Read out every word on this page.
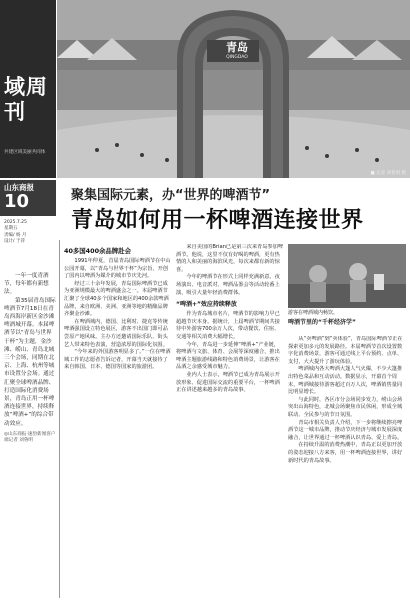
域周刊
共建区域美丽共同体
青岛
QINGDAO
■ 记者 刘鲁明 摄
山东商报
10
2025.7.25
星期五
责编/ 杨 月
设计/ 于萍
聚集国际元素，办“世界的啤酒节”
青岛如何用一杯啤酒连接世界

一年一度青酒节，每年都有新想法。

第35届青岛国际啤酒节7月18日在青岛西海岸新区金沙滩啤酒城开幕。本届啤酒节以“青岛与世界干杯”为主题，金沙滩、崂山、青岛北城三个会场，同期在北京、上海、杭州等城市设置分会场。通过汇聚全球啤酒品牌、打造国际化消费场景，青岛正用一杯啤酒连接世界，持续释放“啤酒+”的综合带动效应。

◎山东商报·速豹新闻客户端记者 刘鲁明
40多国400余品牌赴会

1991年仲夏，首届青岛国际啤酒节在中山公园开幕，以“青岛与世界干杯”为宗旨，开创了国内以啤酒为媒介的城市节庆先河。

经过三十余年发展，青岛国际啤酒节已成为亚洲规模最大的啤酒盛会之一。本届啤酒节汇聚了全球40多个国家和地区的400余款啤酒品牌，来自欧洲、美洲、亚洲等地的精酿品牌齐聚金沙滩。

在啤酒城内，德国、比利时、捷克等传统啤酒强国设立特色展区，游客不出国门即可品尝原产地风味。主办方还邀请国际乐队、街头艺人带来特色表演，营造浓厚的国际化氛围。

“今年来的外国游客明显多了。”一位在啤酒城工作的志愿者告诉记者，开幕当天就接待了来自韩国、日本、德国等国家的旅游团。

来自美国的Brian已是第三次来青岛参加啤酒节。他说，这里不仅有好喝的啤酒，更有热情的人和美丽的海滨风光，每次来都有新的惊喜。

今年的啤酒节在形式上同样充满新意。夜场演出、电音派对、啤酒品鉴会等活动轮番上演，吸引大量年轻消费群体。

“啤酒+”效应持续释放

作为青岛城市名片，啤酒节的影响力早已超越节庆本身。据统计，上届啤酒节期间共接待中外游客700余万人次，带动餐饮、住宿、交通等相关消费大幅增长。

今年，青岛进一步延伸“啤酒+”产业链，将啤酒与文旅、体育、会展等深度融合，推出啤酒主题旅游线路和特色消费场景，让游客在品酒之余感受城市魅力。

业内人士表示，啤酒节已成为青岛展示开放形象、促进国际交流的重要平台，一杯啤酒正在讲述越来越多的青岛故事。

游客在啤酒城内畅饮。
啤酒节里的“千杯经济学”

从“卖啤酒”到“卖体验”，青岛国际啤酒节正在探索更加多元的发展路径。本届啤酒节首次设置数字化消费场景，游客可通过线上平台预约、点单、支付，大大提升了游玩体验。

啤酒城内各大啤酒大篷人气火爆，不少大篷推出特色菜品和互动活动。数据显示，开幕首个周末，啤酒城接待游客超过百万人次，啤酒销售量同比明显增长。

与此同时，各区市分会场同步发力，崂山会场突出山海特色，北城会场聚焦市民休闲，形成全城联动、全民参与的节日氛围。

青岛市相关负责人介绍，下一步将继续擦亮啤酒节这一城市品牌，推动节庆经济与城市发展深度融合，让世界通过一杯啤酒认识青岛、爱上青岛。

在持续升温的消费热潮中，青岛正以更加开放的姿态迎接八方来客，用一杯啤酒连接世界，讲好新时代的青岛故事。
